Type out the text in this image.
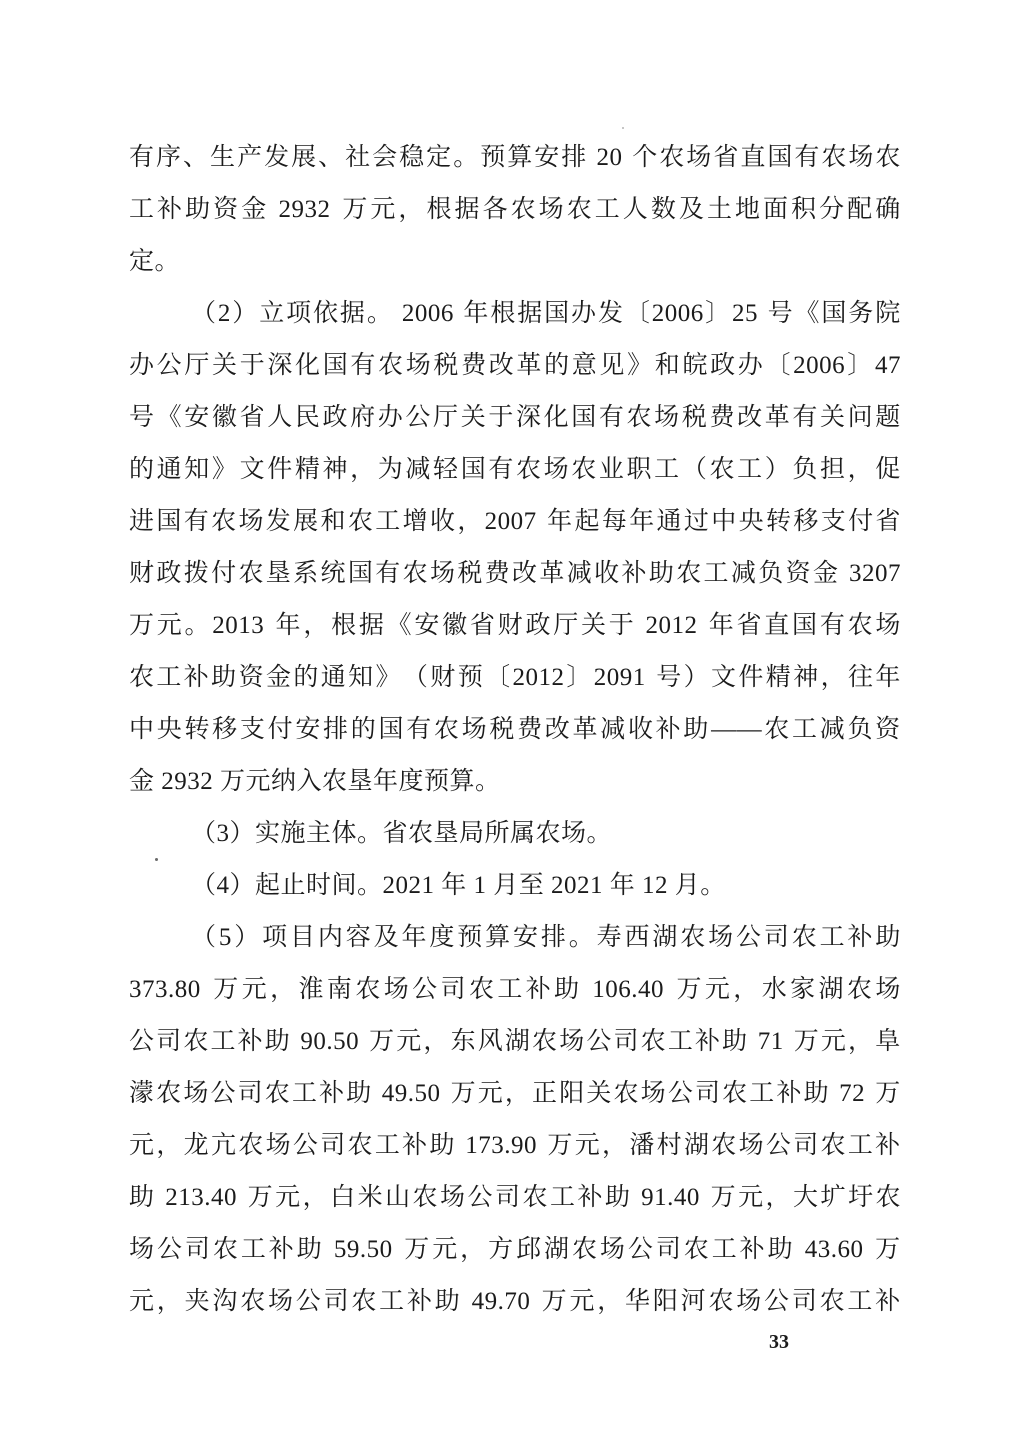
有 序 、 生 产 发 展 、 社 会 稳 定 。 预 算 安 排
20
个 农 场 省 直 国 有 农 场 农
工 补 助 资 金
2932
万 元 ， 根 据 各 农 场 农 工 人 数 及 土 地 面 积 分 配 确
定。
（ 2 ） 立 项 依 据 。
2006
年 根 据 国 办 发 〔 2006 〕 25
号 《 国 务 院
办 公 厅 关 于 深 化 国 有 农 场 税 费 改 革 的 意 见 》 和 皖 政 办 〔 2006 〕 47
号 《 安 徽 省 人 民 政 府 办 公 厅 关 于 深 化 国 有 农 场 税 费 改 革 有 关 问 题
的 通 知 》 文 件 精 神 ， 为 减 轻 国 有 农 场 农 业 职 工 （ 农 工 ） 负 担 ， 促
进 国 有 农 场 发 展 和 农 工 增 收 ， 2007
年 起 每 年 通 过 中 央 转 移 支 付 省
财 政 拨 付 农 垦 系 统 国 有 农 场 税 费 改 革 减 收 补 助 农 工 减 负 资 金
3207
万 元 。 2013
年 ， 根 据 《 安 徽 省 财 政 厅 关 于
2012
年 省 直 国 有 农 场
农 工 补 助 资 金 的 通 知 》 （ 财 预 〔 2012 〕 2091
号 ） 文 件 精 神 ， 往 年
中 央 转 移 支 付 安 排 的 国 有 农 场 税 费 改 革 减 收 补 助 —— 农 工 减 负 资
金 2932 万元纳入农垦年度预算。
（3）实施主体。省农垦局所属农场。
（4）起止时间。2021 年 1 月至 2021 年 12 月。
（ 5 ） 项 目 内 容 及 年 度 预 算 安 排 。 寿 西 湖 农 场 公 司 农 工 补 助
373.80
万 元 ， 淮 南 农 场 公 司 农 工 补 助
106.40
万 元 ， 水 家 湖 农 场
公 司 农 工 补 助
90.50
万 元 ， 东 风 湖 农 场 公 司 农 工 补 助
71
万 元 ， 阜
濛 农 场 公 司 农 工 补 助
49.50
万 元 ， 正 阳 关 农 场 公 司 农 工 补 助
72
万
元 ， 龙 亢 农 场 公 司 农 工 补 助
173.90
万 元 ， 潘 村 湖 农 场 公 司 农 工 补
助
213.40
万 元 ， 白 米 山 农 场 公 司 农 工 补 助
91.40
万 元 ， 大 圹 圩 农
场 公 司 农 工 补 助
59.50
万 元 ， 方 邱 湖 农 场 公 司 农 工 补 助
43.60
万
元 ， 夹 沟 农 场 公 司 农 工 补 助
49.70
万 元 ， 华 阳 河 农 场 公 司 农 工 补
33
